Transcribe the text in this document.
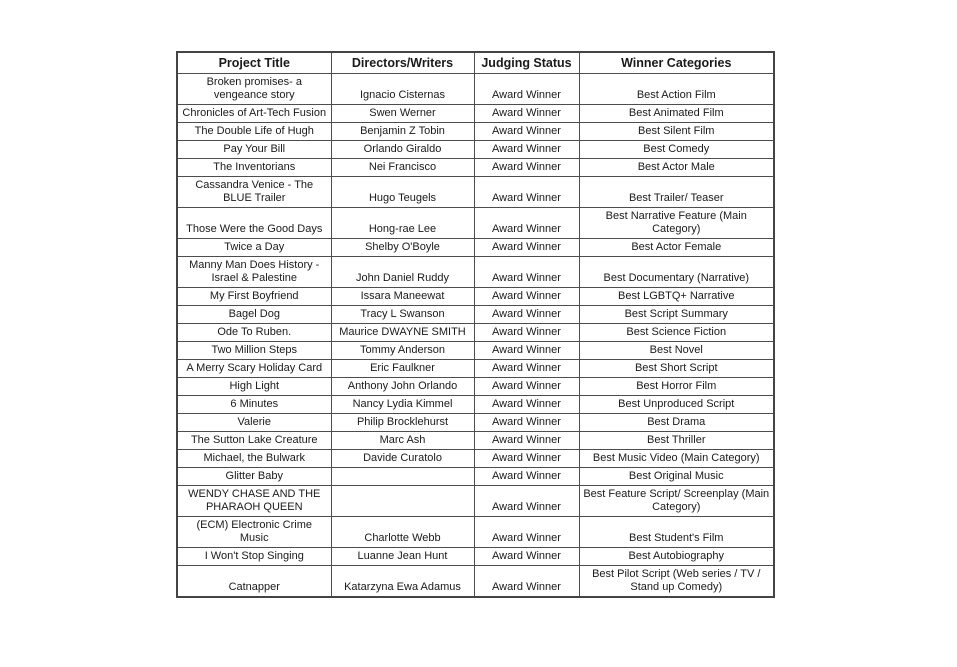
Project Title	Directors/Writers	Judging Status	Winner Categories
Broken promises- a vengeance story	Ignacio Cisternas	Award Winner	Best Action Film
Chronicles of Art-Tech Fusion	Swen Werner	Award Winner	Best Animated Film
The Double Life of Hugh	Benjamin Z Tobin	Award Winner	Best Silent Film
Pay Your Bill	Orlando Giraldo	Award Winner	Best Comedy
The Inventorians	Nei Francisco	Award Winner	Best Actor Male
Cassandra Venice - The BLUE Trailer	Hugo Teugels	Award Winner	Best Trailer/ Teaser
Those Were the Good Days	Hong-rae Lee	Award Winner	Best Narrative Feature (Main Category)
Twice a Day	Shelby O'Boyle	Award Winner	Best Actor Female
Manny Man Does History - Israel & Palestine	John Daniel Ruddy	Award Winner	Best Documentary (Narrative)
My First Boyfriend	Issara Maneewat	Award Winner	Best LGBTQ+ Narrative
Bagel Dog	Tracy L Swanson	Award Winner	Best Script Summary
Ode To Ruben.	Maurice DWAYNE SMITH	Award Winner	Best Science Fiction
Two Million Steps	Tommy Anderson	Award Winner	Best Novel
A Merry Scary Holiday Card	Eric Faulkner	Award Winner	Best Short Script
High Light	Anthony John Orlando	Award Winner	Best Horror Film
6 Minutes	Nancy Lydia Kimmel	Award Winner	Best Unproduced Script
Valerie	Philip Brocklehurst	Award Winner	Best Drama
The Sutton Lake Creature	Marc Ash	Award Winner	Best Thriller
Michael, the Bulwark	Davide Curatolo	Award Winner	Best Music Video (Main Category)
Glitter Baby		Award Winner	Best Original Music
WENDY CHASE AND THE PHARAOH QUEEN		Award Winner	Best Feature Script/ Screenplay (Main Category)
(ECM) Electronic Crime Music	Charlotte Webb	Award Winner	Best Student's Film
I Won't Stop Singing	Luanne Jean Hunt	Award Winner	Best Autobiography
Catnapper	Katarzyna Ewa Adamus	Award Winner	Best Pilot Script (Web series / TV / Stand up Comedy)
